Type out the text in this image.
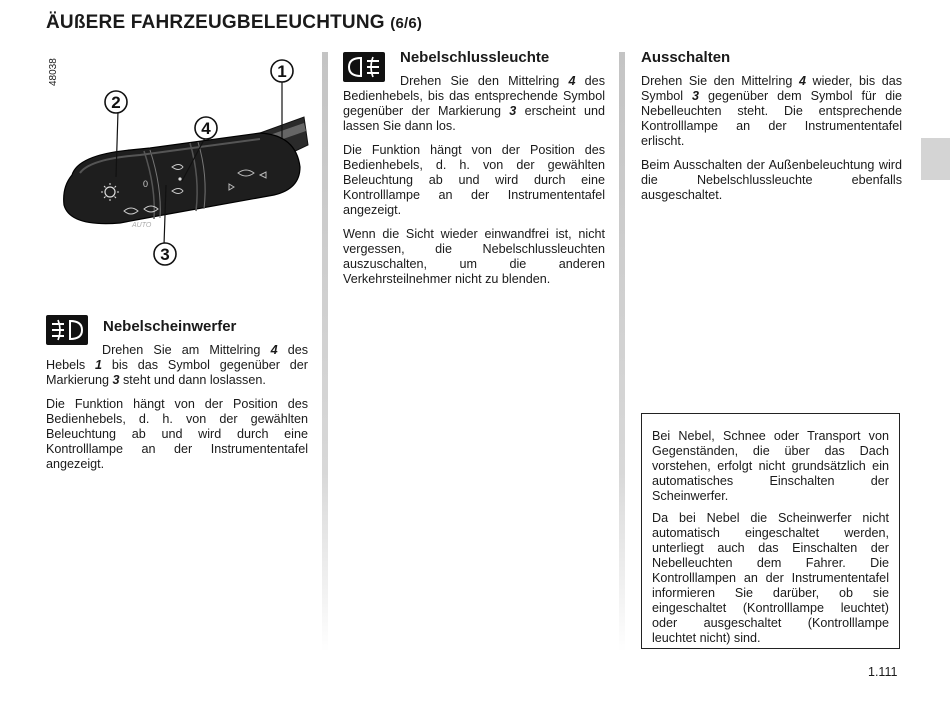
ÄUßERE FAHRZEUGBELEUCHTUNG (6/6)
48038
0
AUTO
1
2
4
3
Nebelscheinwerfer

Drehen Sie am Mittelring 4 des Hebels 1 bis das Symbol gegenüber der Markierung 3 steht und dann loslassen.

Die Funktion hängt von der Position des Bedienhebels, d. h. von der gewählten Beleuchtung ab und wird durch eine Kontrolllampe an der Instrumententafel angezeigt.

Nebelschlussleuchte

Drehen Sie den Mittelring 4 des Bedienhebels, bis das entsprechende Symbol gegenüber der Markierung 3 erscheint und lassen Sie dann los.

Die Funktion hängt von der Position des Bedienhebels, d. h. von der gewählten Beleuchtung ab und wird durch eine Kontrolllampe an der Instrumententafel angezeigt.

Wenn die Sicht wieder einwandfrei ist, nicht vergessen, die Nebelschlussleuchten auszuschalten, um die anderen Verkehrsteilnehmer nicht zu blenden.

Ausschalten

Drehen Sie den Mittelring 4 wieder, bis das Symbol 3 gegenüber dem Symbol für die Nebelleuchten steht. Die entsprechende Kontrolllampe an der Instrumententafel erlischt.

Beim Ausschalten der Außenbeleuchtung wird die Nebelschlussleuchte ebenfalls ausgeschaltet.

Bei Nebel, Schnee oder Transport von Gegenständen, die über das Dach vorstehen, erfolgt nicht grundsätzlich ein automatisches Einschalten der Scheinwerfer.

Da bei Nebel die Scheinwerfer nicht automatisch eingeschaltet werden, unterliegt auch das Einschalten der Nebelleuchten dem Fahrer. Die Kontrolllampen an der Instrumententafel informieren Sie darüber, ob sie eingeschaltet (Kontrolllampe leuchtet) oder ausgeschaltet (Kontrolllampe leuchtet nicht) sind.

1.111
